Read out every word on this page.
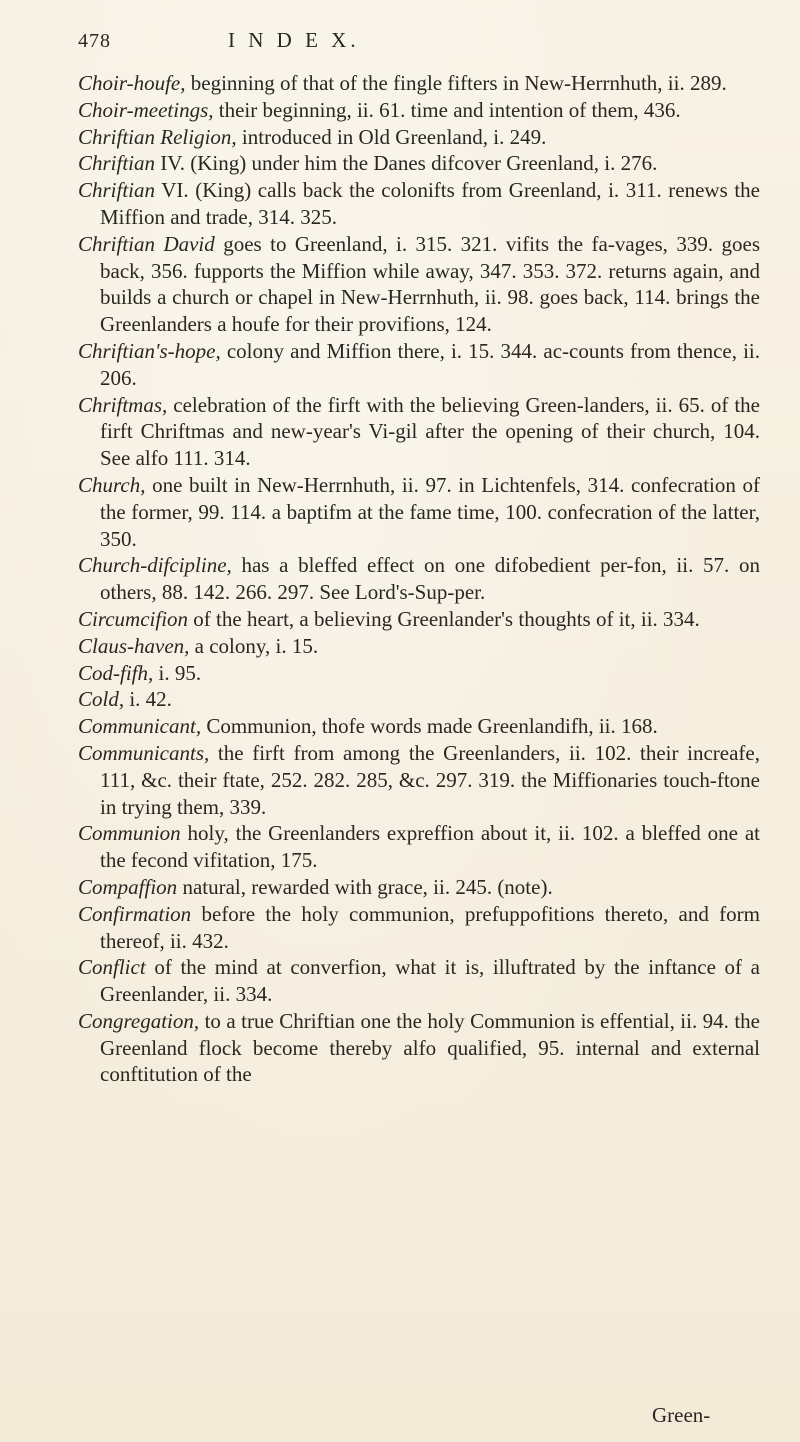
478	I N D E X.

Choir-houfe, beginning of that of the fingle fifters in New-Herrnhuth, ii. 289.

Choir-meetings, their beginning, ii. 61. time and intention of them, 436.

Chriftian Religion, introduced in Old Greenland, i. 249.

Chriftian IV. (King) under him the Danes difcover Greenland, i. 276.

Chriftian VI. (King) calls back the colonifts from Greenland, i. 311. renews the Miffion and trade, 314. 325.

Chriftian David goes to Greenland, i. 315. 321. vifits the fa-vages, 339. goes back, 356. fupports the Miffion while away, 347. 353. 372. returns again, and builds a church or chapel in New-Herrnhuth, ii. 98. goes back, 114. brings the Greenlanders a houfe for their provifions, 124.

Chriftian's-hope, colony and Miffion there, i. 15. 344. ac-counts from thence, ii. 206.

Chriftmas, celebration of the firft with the believing Green-landers, ii. 65. of the firft Chriftmas and new-year's Vi-gil after the opening of their church, 104. See alfo 111. 314.

Church, one built in New-Herrnhuth, ii. 97. in Lichtenfels, 314. confecration of the former, 99. 114. a baptifm at the fame time, 100. confecration of the latter, 350.

Church-difcipline, has a bleffed effect on one difobedient per-fon, ii. 57. on others, 88. 142. 266. 297. See Lord's-Sup-per.

Circumcifion of the heart, a believing Greenlander's thoughts of it, ii. 334.

Claus-haven, a colony, i. 15.

Cod-fifh, i. 95.

Cold, i. 42.

Communicant, Communion, thofe words made Greenlandifh, ii. 168.

Communicants, the firft from among the Greenlanders, ii. 102. their increafe, 111, &c. their ftate, 252. 282. 285, &c. 297. 319. the Miffionaries touch-ftone in trying them, 339.

Communion holy, the Greenlanders expreffion about it, ii. 102. a bleffed one at the fecond vifitation, 175.

Compaffion natural, rewarded with grace, ii. 245. (note).

Confirmation before the holy communion, prefuppofitions thereto, and form thereof, ii. 432.

Conflict of the mind at converfion, what it is, illuftrated by the inftance of a Greenlander, ii. 334.

Congregation, to a true Chriftian one the holy Communion is effential, ii. 94. the Greenland flock become thereby alfo qualified, 95. internal and external conftitution of the

Green-
